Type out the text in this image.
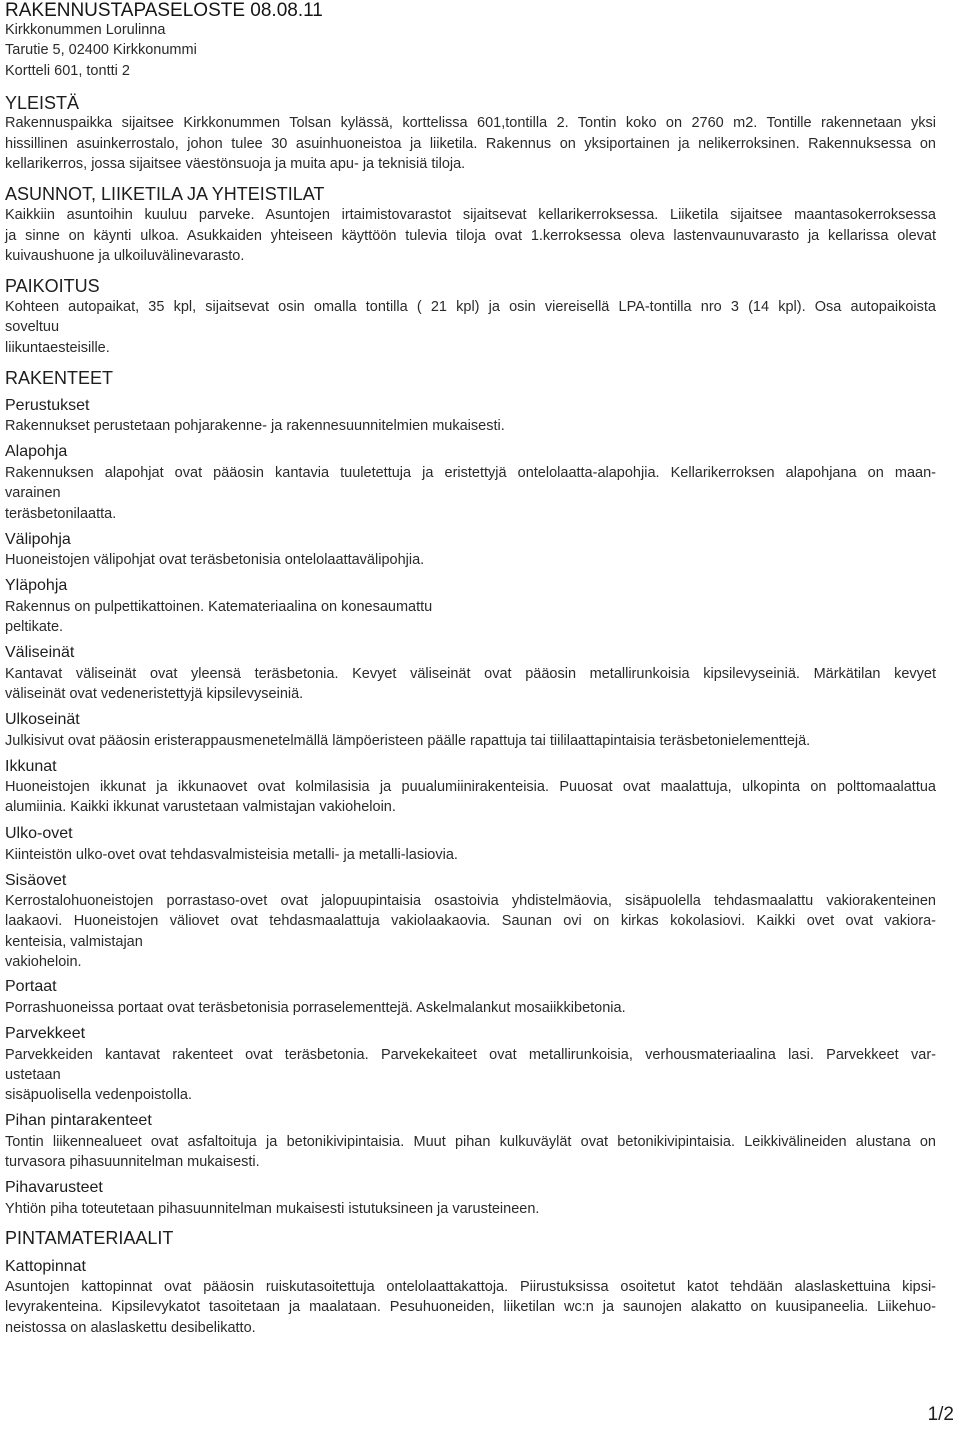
RAKENNUSTAPASELOSTE 08.08.11

Kirkkonummen Lorulinna

Tarutie 5, 02400 Kirkkonummi

Kortteli 601, tontti 2

YLEISTÄ

Rakennuspaikka sijaitsee Kirkkonummen Tolsan kylässä, korttelissa 601,tontilla 2. Tontin koko on 2760 m2. Tontille rakennetaan yksi

hissillinen asuinkerrostalo, johon tulee 30 asuinhuoneistoa ja liiketila. Rakennus on yksiportainen ja nelikerroksinen. Rakennuksessa on

kellarikerros, jossa sijaitsee väestönsuoja ja muita apu- ja teknisiä tiloja.

ASUNNOT, LIIKETILA JA YHTEISTILAT

Kaikkiin asuntoihin kuuluu parveke. Asuntojen irtaimistovarastot sijaitsevat kellarikerroksessa. Liiketila sijaitsee maantasokerroksessa

ja sinne on käynti ulkoa. Asukkaiden yhteiseen käyttöön tulevia tiloja ovat 1.kerroksessa oleva lastenvaunuvarasto ja kellarissa olevat

kuivaushuone ja ulkoiluvälinevarasto.

PAIKOITUS

Kohteen autopaikat, 35 kpl, sijaitsevat osin omalla tontilla ( 21 kpl) ja osin viereisellä LPA-tontilla nro 3 (14 kpl). Osa autopaikoista

soveltuu

liikuntaesteisille.

RAKENTEET

Perustukset

Rakennukset perustetaan pohjarakenne- ja rakennesuunnitelmien mukaisesti.

Alapohja

Rakennuksen alapohjat ovat pääosin kantavia tuuletettuja ja eristettyjä ontelolaatta-alapohjia. Kellarikerroksen alapohjana on maan-

varainen

teräsbetonilaatta.

Välipohja

Huoneistojen välipohjat ovat teräsbetonisia ontelolaattavälipohjia.

Yläpohja

Rakennus on pulpettikattoinen. Katemateriaalina on konesaumattu

peltikate.

Väliseinät

Kantavat väliseinät ovat yleensä teräsbetonia. Kevyet väliseinät ovat pääosin metallirunkoisia kipsilevyseiniä. Märkätilan kevyet

väliseinät ovat vedeneristettyjä kipsilevyseiniä.

Ulkoseinät

Julkisivut ovat pääosin eristerappausmenetelmällä lämpöeristeen päälle rapattuja tai tiililaattapintaisia teräsbetonielementtejä.

Ikkunat

Huoneistojen ikkunat ja ikkunaovet ovat kolmilasisia ja puualumiinirakenteisia. Puuosat ovat maalattuja, ulkopinta on polttomaalattua

alumiinia. Kaikki ikkunat varustetaan valmistajan vakioheloin.

Ulko-ovet

Kiinteistön ulko-ovet ovat tehdasvalmisteisia metalli- ja metalli-lasiovia.

Sisäovet

Kerrostalohuoneistojen porrastaso-ovet ovat jalopuupintaisia osastoivia yhdistelmäovia, sisäpuolella tehdasmaalattu vakiorakenteinen

laakaovi. Huoneistojen väliovet ovat tehdasmaalattuja vakiolaakaovia. Saunan ovi on kirkas kokolasiovi. Kaikki ovet ovat vakiora-

kenteisia, valmistajan

vakioheloin.

Portaat

Porrashuoneissa portaat ovat teräsbetonisia porraselementtejä. Askelmalankut mosaiikkibetonia.

Parvekkeet

Parvekkeiden kantavat rakenteet ovat teräsbetonia. Parvekekaiteet ovat metallirunkoisia, verhousmateriaalina lasi. Parvekkeet var-

ustetaan

sisäpuolisella vedenpoistolla.

Pihan pintarakenteet

Tontin liikennealueet ovat asfaltoituja ja betonikivipintaisia. Muut pihan kulkuväylät ovat betonikivipintaisia. Leikkivälineiden alustana on

turvasora pihasuunnitelman mukaisesti.

Pihavarusteet

Yhtiön piha toteutetaan pihasuunnitelman mukaisesti istutuksineen ja varusteineen.

PINTAMATERIAALIT

Kattopinnat

Asuntojen kattopinnat ovat pääosin ruiskutasoitettuja ontelolaattakattoja. Piirustuksissa osoitetut katot tehdään alaslaskettuina kipsi-

levyrakenteina. Kipsilevykatot tasoitetaan ja maalataan. Pesuhuoneiden, liiketilan wc:n ja saunojen alakatto on kuusipaneelia. Liikehuo-

neistossa on alaslaskettu desibelikatto.

1/2
